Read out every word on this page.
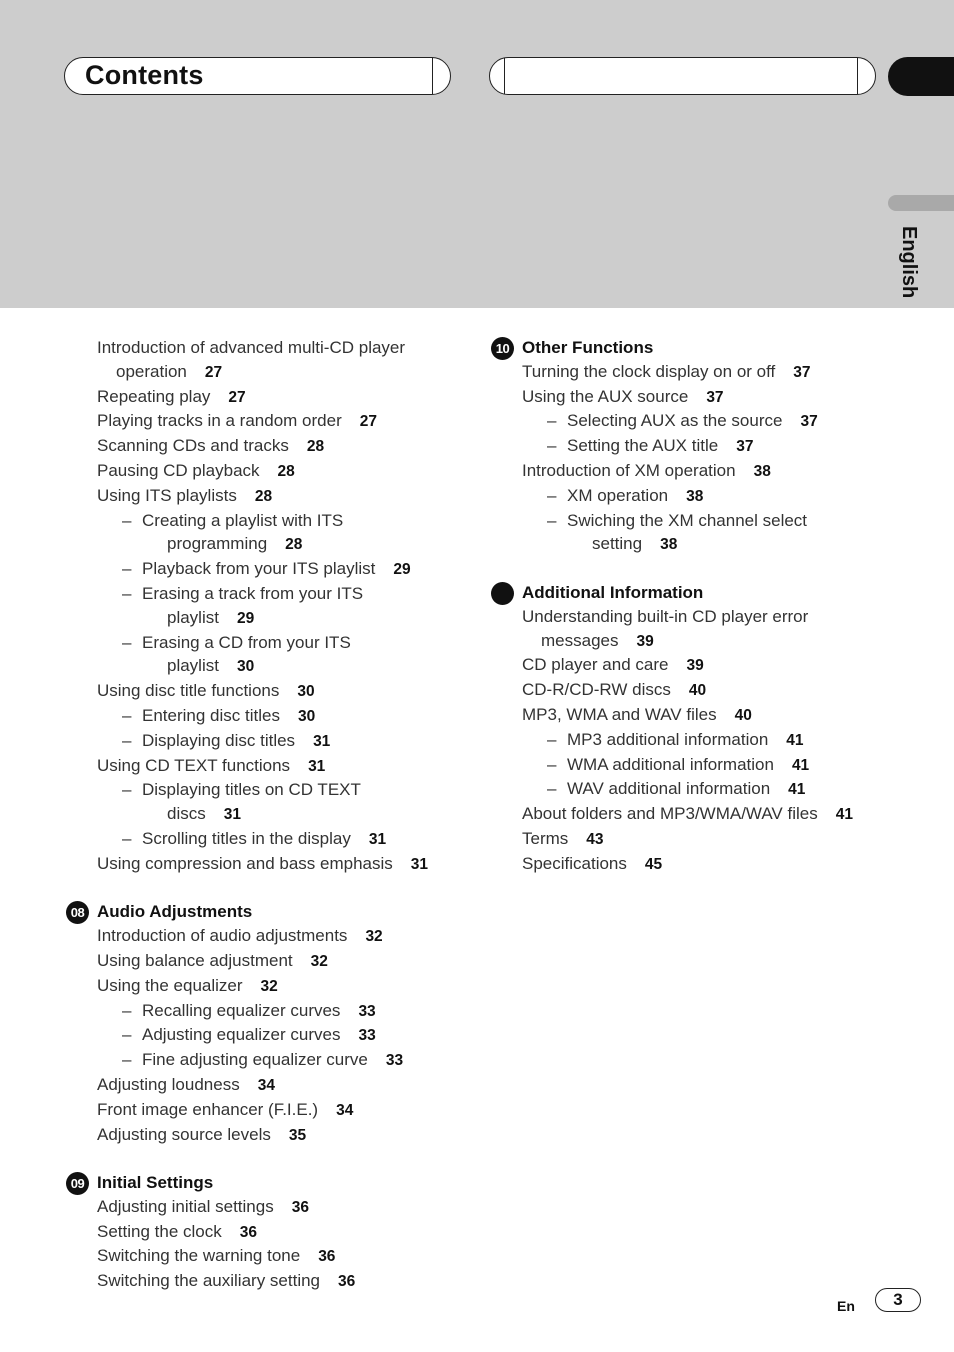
Contents
English
Introduction of advanced multi-CD player
operation 27
Repeating play 27
Playing tracks in a random order 27
Scanning CDs and tracks 28
Pausing CD playback 28
Using ITS playlists 28
– Creating a playlist with ITS
programming 28
– Playback from your ITS playlist 29
– Erasing a track from your ITS
playlist 29
– Erasing a CD from your ITS
playlist 30
Using disc title functions 30
– Entering disc titles 30
– Displaying disc titles 31
Using CD TEXT functions 31
– Displaying titles on CD TEXT
discs 31
– Scrolling titles in the display 31
Using compression and bass emphasis 31
08 Audio Adjustments
Introduction of audio adjustments 32
Using balance adjustment 32
Using the equalizer 32
– Recalling equalizer curves 33
– Adjusting equalizer curves 33
– Fine adjusting equalizer curve 33
Adjusting loudness 34
Front image enhancer (F.I.E.) 34
Adjusting source levels 35
09 Initial Settings
Adjusting initial settings 36
Setting the clock 36
Switching the warning tone 36
Switching the auxiliary setting 36
10 Other Functions
Turning the clock display on or off 37
Using the AUX source 37
– Selecting AUX as the source 37
– Setting the AUX title 37
Introduction of XM operation 38
– XM operation 38
– Swiching the XM channel select
setting 38
Additional Information
Understanding built-in CD player error
messages 39
CD player and care 39
CD-R/CD-RW discs 40
MP3, WMA and WAV files 40
– MP3 additional information 41
– WMA additional information 41
– WAV additional information 41
About folders and MP3/WMA/WAV files 41
Terms 43
Specifications 45
En	3
